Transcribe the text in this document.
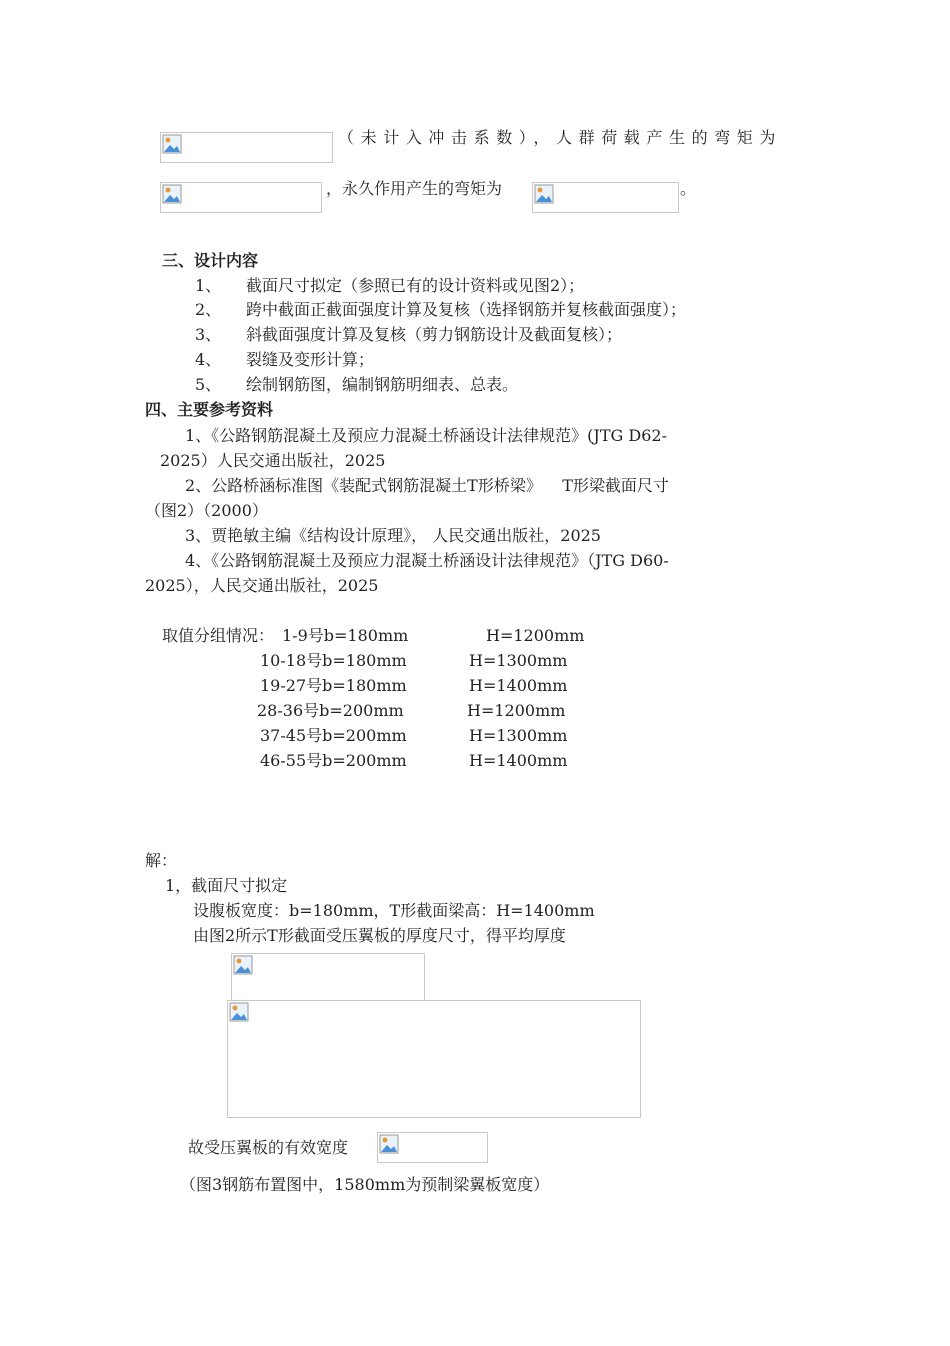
（未计入冲击系数），人群荷载产生的弯矩为
，永久作用产生的弯矩为	。
三、设计内容
1、 截面尺寸拟定（参照已有的设计资料或见图2）；
2、 跨中截面正截面强度计算及复核（选择钢筋并复核截面强度）；
3、 斜截面强度计算及复核（剪力钢筋设计及截面复核）；
4、 裂缝及变形计算；
5、 绘制钢筋图，编制钢筋明细表、总表。
四、主要参考资料
1、《公路钢筋混凝土及预应力混凝土桥涵设计法律规范》(JTG D62-
2025）人民交通出版社，2025
2、公路桥涵标准图《装配式钢筋混凝土T形桥梁》    T形梁截面尺寸
（图2）（2000）
3、贾艳敏主编《结构设计原理》， 人民交通出版社，2025
4、《公路钢筋混凝土及预应力混凝土桥涵设计法律规范》（JTG D60-
2025），人民交通出版社，2025
取值分组情况： 1-9号b=180mm	H=1200mm
10-18号b=180mm	H=1300mm
19-27号b=180mm	H=1400mm
28-36号b=200mm	H=1200mm
37-45号b=200mm	H=1300mm
46-55号b=200mm	H=1400mm
解：
1，截面尺寸拟定
设腹板宽度：b=180mm，T形截面梁高：H=1400mm
由图2所示T形截面受压翼板的厚度尺寸，得平均厚度
故受压翼板的有效宽度
（图3钢筋布置图中，1580mm为预制梁翼板宽度）
